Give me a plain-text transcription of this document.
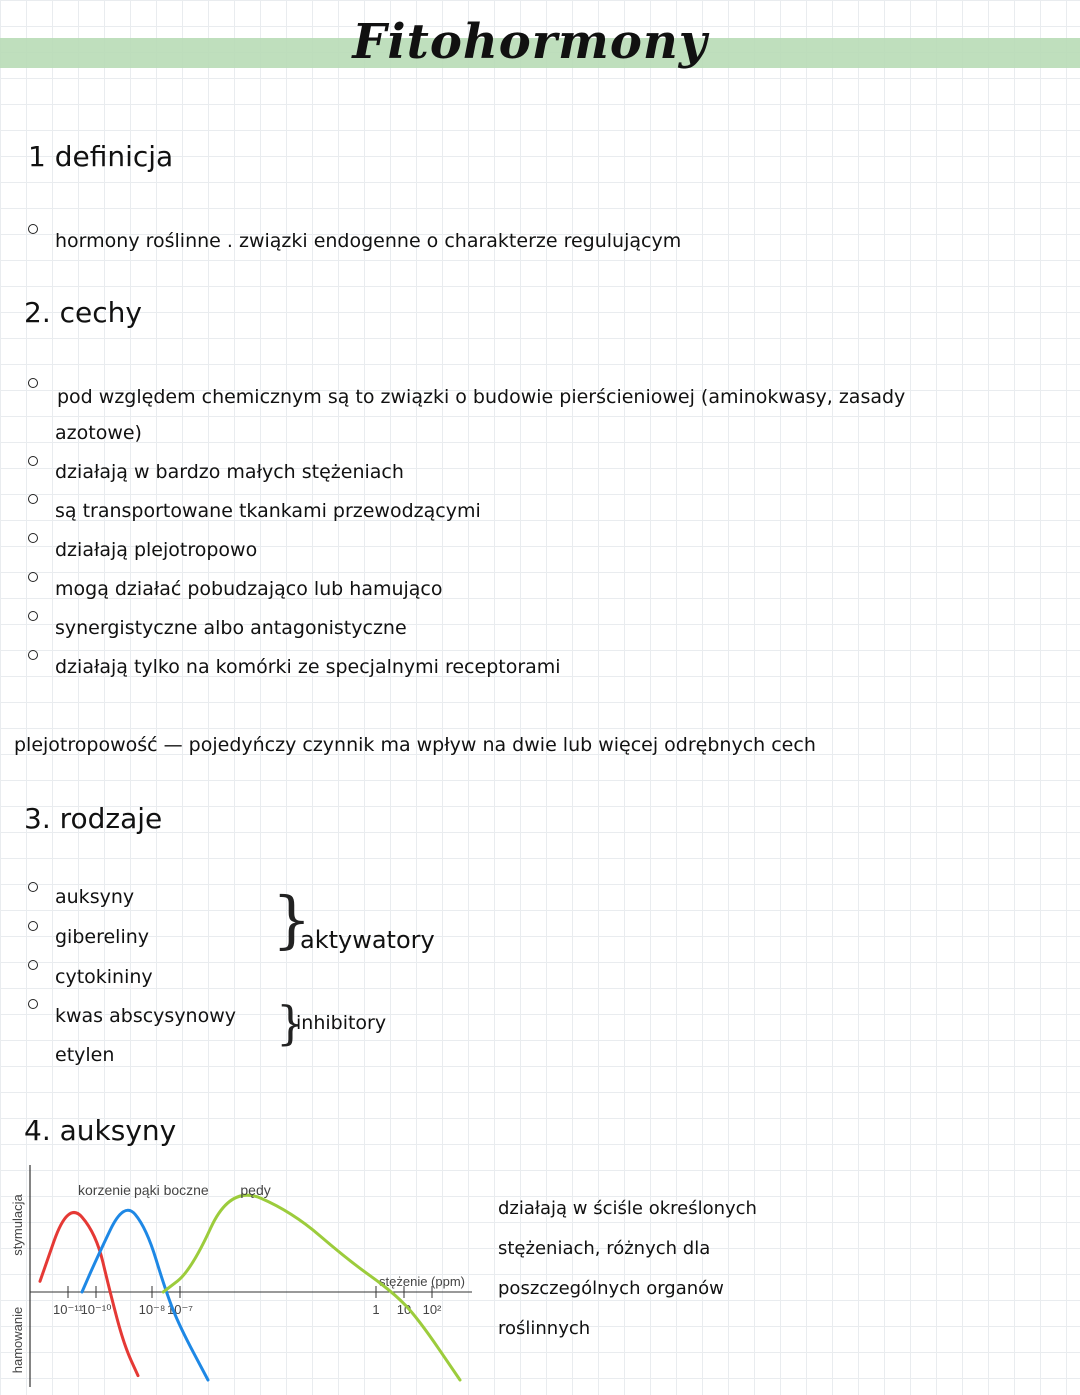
Fitohormony
1 definicja
hormony roślinne . związki endogenne o charakterze regulującym
2. cechy
pod względem chemicznym są to związki o budowie pierścieniowej (aminokwasy, zasady
azotowe)
działają w bardzo małych stężeniach
są transportowane tkankami przewodzącymi
działają plejotropowo
mogą działać pobudzająco lub hamująco
synergistyczne albo antagonistyczne
działają tylko na komórki ze specjalnymi receptorami
plejotropowość — pojedyńczy czynnik ma wpływ na dwie lub więcej odrębnych cech
3. rodzaje
auksyny
gibereliny
cytokininy
kwas abscysynowy
etylen
}
aktywatory
}
inhibitory
4. auksyny
stymulacja
hamowanie
stężenie (ppm)
10⁻¹¹
10⁻¹⁰ 10⁻⁸ 10⁻⁷	1 10 10²
korzenie pąki boczne pędy
działają w ściśle określonych
stężeniach, różnych dla
poszczególnych organów
roślinnych
